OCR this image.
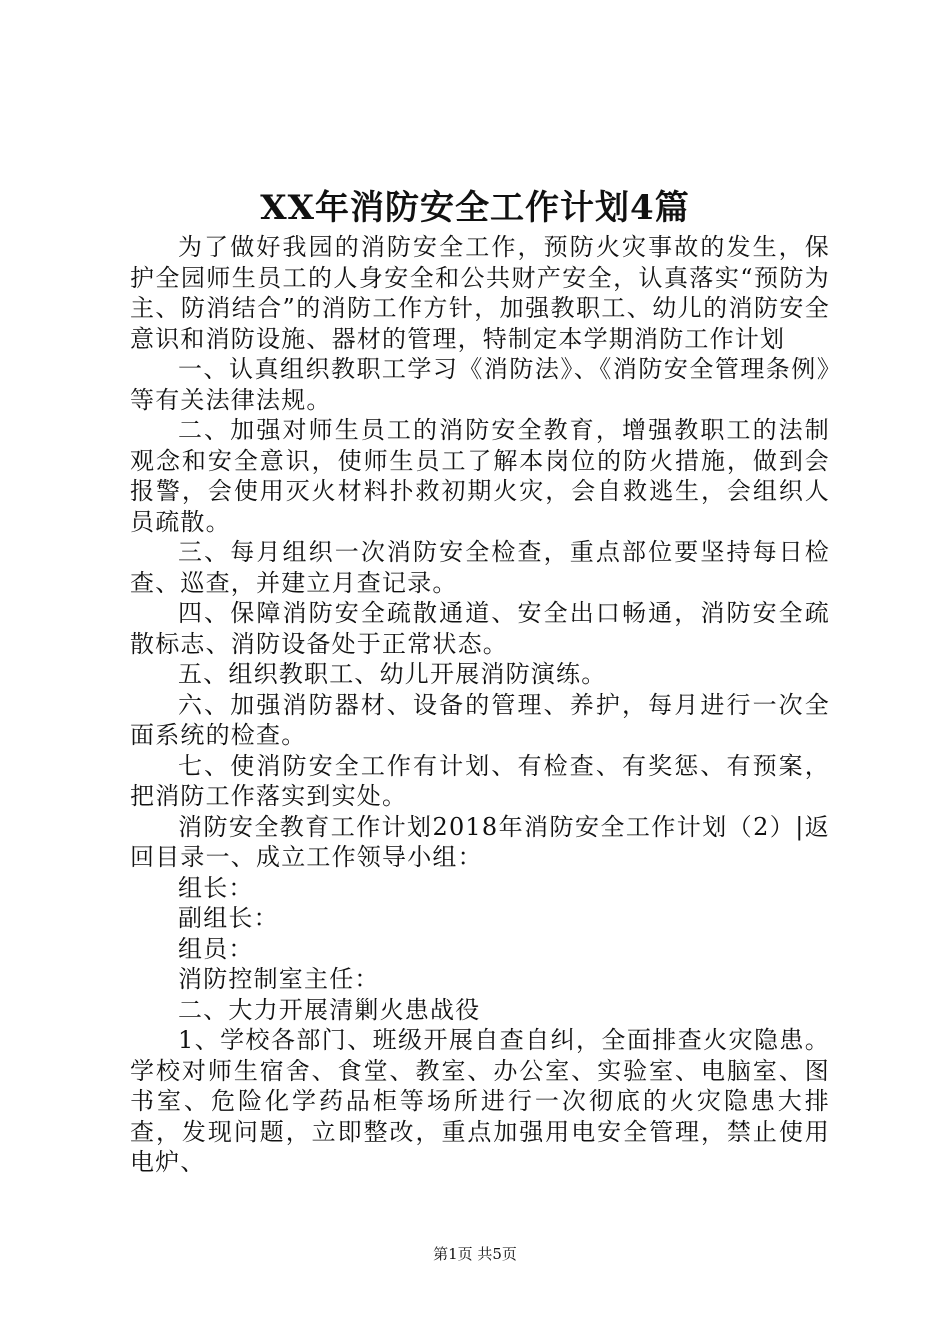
XX年消防安全工作计划4篇

为了做好我园的消防安全工作，预防火灾事故的发生，保护全园师生员工的人身安全和公共财产安全，认真落实“预防为主、防消结合”的消防工作方针，加强教职工、幼儿的消防安全意识和消防设施、器材的管理，特制定本学期消防工作计划

一、认真组织教职工学习《消防法》、《消防安全管理条例》等有关法律法规。

二、加强对师生员工的消防安全教育，增强教职工的法制观念和安全意识，使师生员工了解本岗位的防火措施，做到会报警，会使用灭火材料扑救初期火灾，会自救逃生，会组织人员疏散。

三、每月组织一次消防安全检查，重点部位要坚持每日检查、巡查，并建立月查记录。

四、保障消防安全疏散通道、安全出口畅通，消防安全疏散标志、消防设备处于正常状态。

五、组织教职工、幼儿开展消防演练。

六、加强消防器材、设备的管理、养护，每月进行一次全面系统的检查。

七、使消防安全工作有计划、有检查、有奖惩、有预案，把消防工作落实到实处。

消防安全教育工作计划2018年消防安全工作计划（2）|返回目录一、成立工作领导小组：

组长：

副组长：

组员：

消防控制室主任：

二、大力开展清剿火患战役

1、学校各部门、班级开展自查自纠，全面排查火灾隐患。学校对师生宿舍、食堂、教室、办公室、实验室、电脑室、图书室、危险化学药品柜等场所进行一次彻底的火灾隐患大排查，发现问题，立即整改，重点加强用电安全管理，禁止使用电炉、

第1页 共5页
